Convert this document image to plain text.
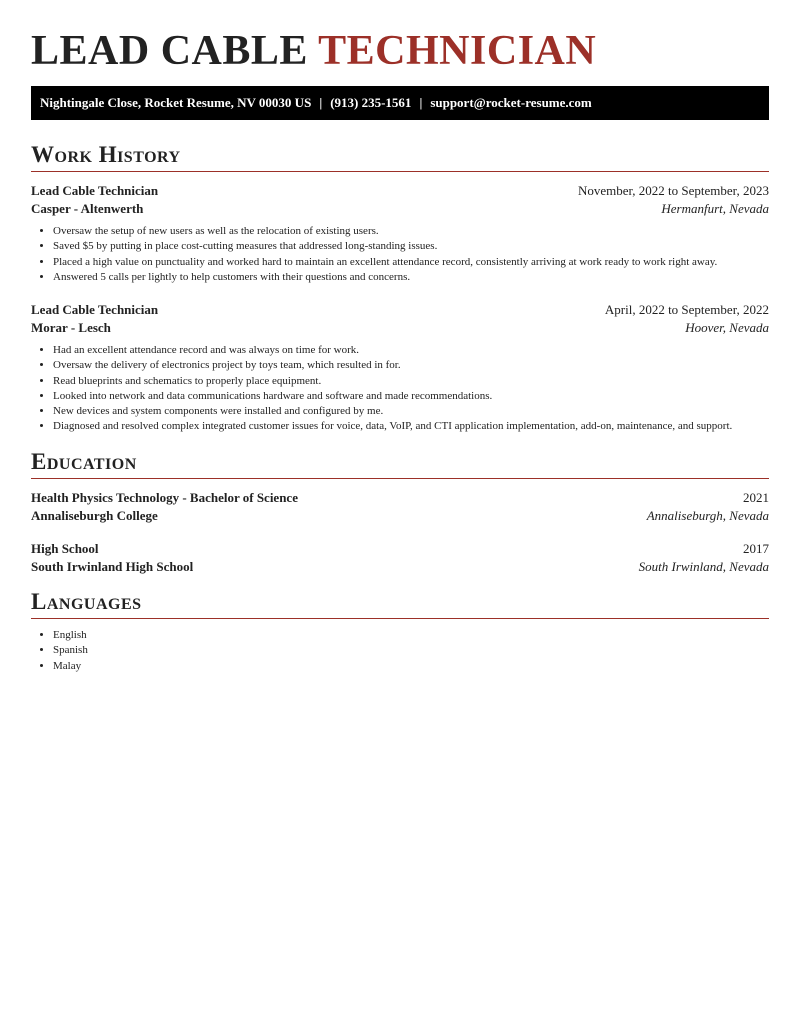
LEAD CABLE TECHNICIAN
Nightingale Close, Rocket Resume, NV 00030 US | (913) 235-1561 | support@rocket-resume.com
Work History
Lead Cable Technician	November, 2022 to September, 2023
Casper - Altenwerth	Hermanfurt, Nevada
• Oversaw the setup of new users as well as the relocation of existing users.
• Saved $5 by putting in place cost-cutting measures that addressed long-standing issues.
• Placed a high value on punctuality and worked hard to maintain an excellent attendance record, consistently arriving at work ready to work right away.
• Answered 5 calls per lightly to help customers with their questions and concerns.
Lead Cable Technician	April, 2022 to September, 2022
Morar - Lesch	Hoover, Nevada
• Had an excellent attendance record and was always on time for work.
• Oversaw the delivery of electronics project by toys team, which resulted in for.
• Read blueprints and schematics to properly place equipment.
• Looked into network and data communications hardware and software and made recommendations.
• New devices and system components were installed and configured by me.
• Diagnosed and resolved complex integrated customer issues for voice, data, VoIP, and CTI application implementation, add-on, maintenance, and support.
Education
Health Physics Technology - Bachelor of Science	2021
Annaliseburgh College	Annaliseburgh, Nevada
High School	2017
South Irwinland High School	South Irwinland, Nevada
Languages
• English
• Spanish
• Malay
